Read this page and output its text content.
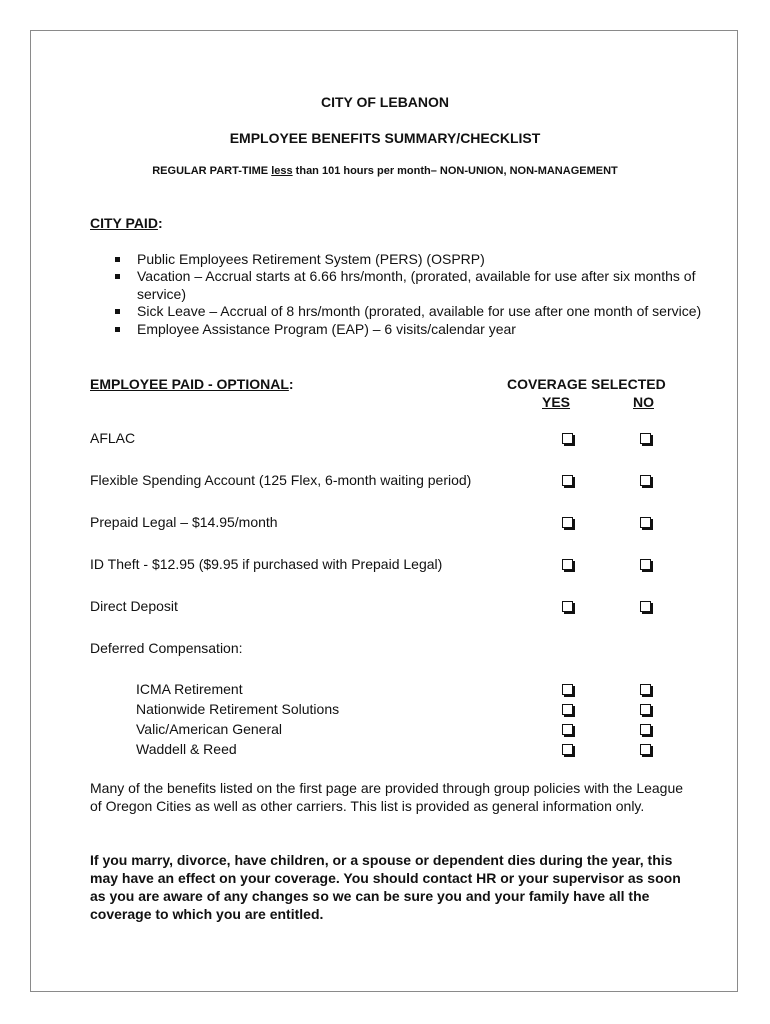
CITY OF LEBANON
EMPLOYEE BENEFITS SUMMARY/CHECKLIST
REGULAR PART-TIME less than 101 hours per month– NON-UNION, NON-MANAGEMENT
CITY PAID:
Public Employees Retirement System (PERS) (OSPRP)
Vacation – Accrual starts at 6.66 hrs/month, (prorated, available for use after six months of service)
Sick Leave – Accrual of 8 hrs/month (prorated, available for use after one month of service)
Employee Assistance Program (EAP) – 6 visits/calendar year
EMPLOYEE PAID - OPTIONAL:	COVERAGE SELECTED
YES	NO
AFLAC
Flexible Spending Account (125 Flex, 6-month waiting period)
Prepaid Legal – $14.95/month
ID Theft - $12.95 ($9.95 if purchased with Prepaid Legal)
Direct Deposit
Deferred Compensation:
ICMA Retirement
Nationwide Retirement Solutions
Valic/American General
Waddell & Reed
Many of the benefits listed on the first page are provided through group policies with the League of Oregon Cities as well as other carriers. This list is provided as general information only.
If you marry, divorce, have children, or a spouse or dependent dies during the year, this may have an effect on your coverage. You should contact HR or your supervisor as soon as you are aware of any changes so we can be sure you and your family have all the coverage to which you are entitled.
